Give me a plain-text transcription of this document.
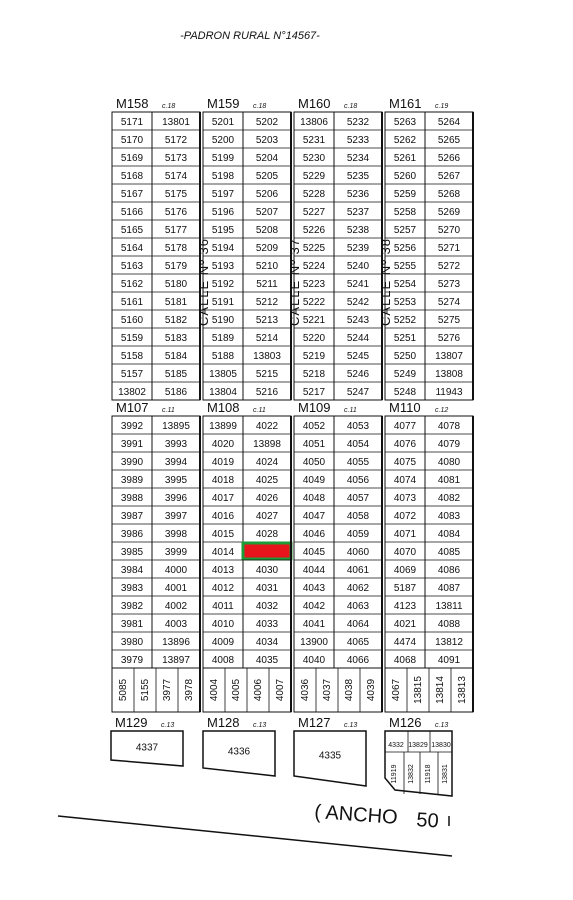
-PADRON RURAL N°14567-
M158 c.18
5171 13801
5170 5172
5169 5173
5168 5174
5167 5175
5166 5176
5165 5177
5164 5178
5163 5179
5162 5180
5161 5181
5160 5182
5159 5183
5158 5184
5157 5185
13802 5186
M159 c.18
5201 5202
5200 5203
5199 5204
5198 5205
5197 5206
5196 5207
5195 5208
5194 5209
5193 5210
5192 5211
5191 5212
5190 5213
5189 5214
5188 13803
13805 5215
13804 5216
M160 c.18
13806 5232
5231 5233
5230 5234
5229 5235
5228 5236
5227 5237
5226 5238
5225 5239
5224 5240
5223 5241
5222 5242
5221 5243
5220 5244
5219 5245
5218 5246
5217 5247
M161 c.19
5263 5264
5262 5265
5261 5266
5260 5267
5259 5268
5258 5269
5257 5270
5256 5271
5255 5272
5254 5273
5253 5274
5252 5275
5251 5276
5250 13807
5249 13808
5248 11943
CALLE Nº 36	CALLE Nº 37	CALLE Nº 38
M107 c.11
3992 13895
3991 3993
3990 3994
3989 3995
3988 3996
3987 3997
3986 3998
3985 3999
3984 4000
3983 4001
3982 4002
3981 4003
3980 13896
3979 13897
5085 5155 3977 3978
M108 c.11
13899 4022
4020 13898
4019 4024
4018 4025
4017 4026
4016 4027
4015 4028
4014
4013 4030
4012 4031
4011 4032
4010 4033
4009 4034
4008 4035
4004 4005 4006 4007
M109 c.11
4052 4053
4051 4054
4050 4055
4049 4056
4048 4057
4047 4058
4046 4059
4045 4060
4044 4061
4043 4062
4042 4063
4041 4064
13900 4065
4040 4066
4036 4037 4038 4039
M110 c.12
4077 4078
4076 4079
4075 4080
4074 4081
4073 4082
4072 4083
4071 4084
4070 4085
4069 4086
5187 4087
4123 13811
4021 4088
4474 13812
4068 4091
4067 13815 13814 13813
M129 c.13
4337
M128 c.13
4336
M127 c.13
4335
M126 c.13
4332 13829 13830
11919 13832 11918 13831
( ANCHO 50
